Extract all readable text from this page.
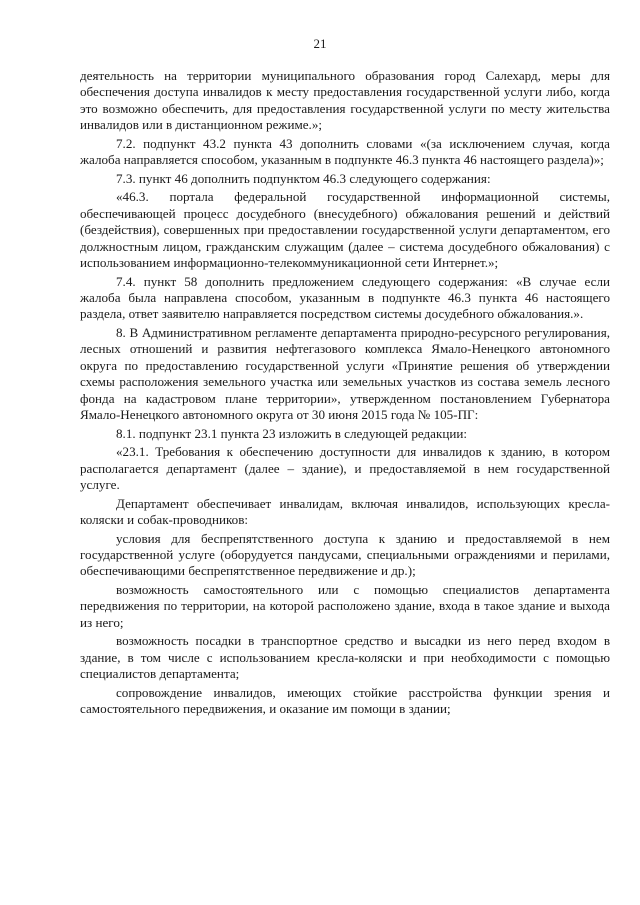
21

деятельность на территории муниципального образования город Салехард, меры для обеспечения доступа инвалидов к месту предоставления государственной услуги либо, когда это возможно обеспечить, для предоставления государственной услуги по месту жительства инвалидов или в дистанционном режиме.»;

7.2. подпункт 43.2 пункта 43 дополнить словами «(за исключением случая, когда жалоба направляется способом, указанным в подпункте 46.3 пункта 46 настоящего раздела)»;

7.3. пункт 46 дополнить подпунктом 46.3 следующего содержания:

«46.3. портала федеральной государственной информационной системы, обеспечивающей процесс досудебного (внесудебного) обжалования решений и действий (бездействия), совершенных при предоставлении государственной услуги департаментом, его должностным лицом, гражданским служащим (далее – система досудебного обжалования) с использованием информационно-телекоммуникационной сети Интернет.»;

7.4. пункт 58 дополнить предложением следующего содержания: «В случае если жалоба была направлена способом, указанным в подпункте 46.3 пункта 46 настоящего раздела, ответ заявителю направляется посредством системы досудебного обжалования.».

8. В Административном регламенте департамента природно-ресурсного регулирования, лесных отношений и развития нефтегазового комплекса Ямало-Ненецкого автономного округа по предоставлению государственной услуги «Принятие решения об утверждении схемы расположения земельного участка или земельных участков из состава земель лесного фонда на кадастровом плане территории», утвержденном постановлением Губернатора Ямало-Ненецкого автономного округа от 30 июня 2015 года № 105-ПГ:

8.1. подпункт 23.1 пункта 23 изложить в следующей редакции:

«23.1. Требования к обеспечению доступности для инвалидов к зданию, в котором располагается департамент (далее – здание), и предоставляемой в нем государственной услуге.

Департамент обеспечивает инвалидам, включая инвалидов, использующих кресла-коляски и собак-проводников:

условия для беспрепятственного доступа к зданию и предоставляемой в нем государственной услуге (оборудуется пандусами, специальными ограждениями и перилами, обеспечивающими беспрепятственное передвижение и др.);

возможность самостоятельного или с помощью специалистов департамента передвижения по территории, на которой расположено здание, входа в такое здание и выхода из него;

возможность посадки в транспортное средство и высадки из него перед входом в здание, в том числе с использованием кресла-коляски и при необходимости с помощью специалистов департамента;

сопровождение инвалидов, имеющих стойкие расстройства функции зрения и самостоятельного передвижения, и оказание им помощи в здании;
